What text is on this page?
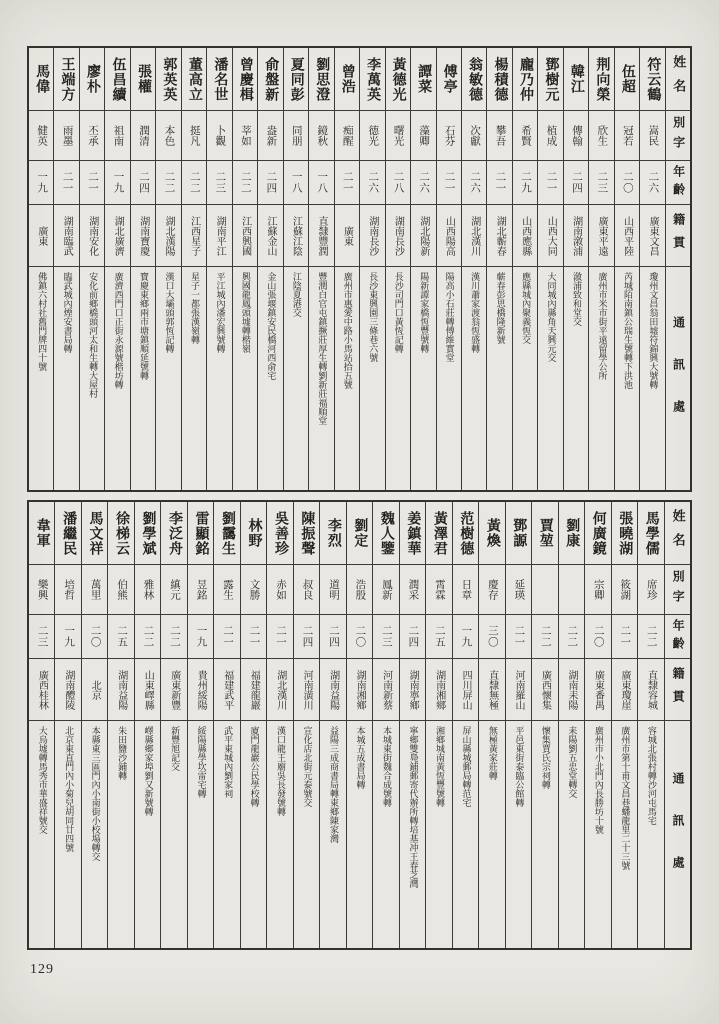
馬偉
健英
一九
廣東
佛鎮六村社舊門牌四十號
王端方
雨墨
二一
湖南臨武
臨武城內煙安書局轉
廖朴
丕承
二一
湖南安化
安化前鄉橋頭河太和生轉大屋村
伍昌續
祖南
一九
湖北廣濟
廣濟西門口正街永源號楷坊轉
張權
潤清
二四
湖南寶慶
寶慶東鄉兩市塘鎮順延號轉
郭英英
本色
二二
湖北漢陽
漢口大壩頭郭恆記轉
董高立
挺凡
二二
江西星子
星子一都張漢嶺轉
潘名世
卜觀
二三
湖南平江
平江城內潘宏興號轉
曾慶楫
莘如
二二
江西興國
興國龍鳳頭墟轉楷嶺
俞盤新
盎新
二四
江蘇金山
金山張堰鎮安民橋河西俞宅
夏同彭
同朋
一八
江蘇江陰
江陰夏港交
劉思澄
鏡秋
一八
直隸豐潤
豐潤白官屯鎮撅莊厚生轉劉新莊福順堂
曾浩
痴醒
二一
廣東
廣州市惠愛中路小馬站拾五號
李萬英
德光
二六
湖南長沙
長沙東興園三條巷六號
黃德光
曙光
二八
湖南長沙
長沙司門口黃恆記轉
譚菜
藻卿
二六
湖北陽新
陽新譚家橋恆豐號轉
傅亭
石芬
二一
山西陽高
陽高小石莊轉傅維實堂
翁敏德
次獻
二六
湖北漢川
漢川蕭家渡翁恆盛轉
楊積德
攀吾
二一
湖北蘄春
蘄春彭思橋隆新號
龐乃仲
希賢
二九
山西應縣
應縣城內聚義恆交
鄧樹元
植成
二一
山西大同
大同城內縣角天興元交
韓江
傳翰
二四
湖南漵浦
漵浦致和堂交
荆向榮
欣生
二三
廣東平遠
廣州市米市街平遠留學公所
伍超
冠若
二〇
山西平陸
芮城陌南鎮公瑞生號轉下洪池
符云鶴
嵩民
二六
廣東文昌
瓊州文昌翁田墟符錦興大號轉
姓名
別字
年齡
籍貫
通訊處
韋軍
樂興
二三
廣西桂林
大烏墟轉馬秀市華盛祥號交
潘繼民
培哲
一九
湖南醴陵
北京東直門內小菊兒胡同廿四號
馬文祥
萬里
二〇
北京
本縣東三區門內小南街小校場轉交
徐梯云
伯熊
二五
湖南益陽
朱田鹽沙鋪轉
劉學斌
雅林
二二
山東嶧縣
嶧縣鄉家埠劉又新號轉
李泛舟
縝元
二二
廣東新豐
新豐旭記交
雷顯銘
昱銘
一九
貴州綏陽
綏陽縣學坎雷宅轉
劉靄生
露生
二一
福建武平
武平東城內劉家祠
林野
文勝
二一
福建龍巖
廈門龍巖公民學校轉
吳善珍
赤如
二一
湖北漢川
漢口龍王廟吳長發號轉
陳振聲
叔良
二四
河南潢川
宣化店北街元泰號交
李烈
道明
二四
湖南益陽
益陽三成商書局轉東鄉陳家灣
劉定
浩殷
二〇
湖南湘鄉
本城五成書局轉
魏人鑒
鳳新
二三
河南新蔡
本城東街魏合成號轉
姜鎮華
潤采
二四
湖南寧鄉
寧鄉雙鳧鋪郵寄代辦所轉培基冲王春芝灣
黃澤君
霄霖
二五
湖南湘鄉
湘鄉城南黃恆豐號轉
范樹德
日章
一九
四川屏山
屏山縣城郵局轉范宅
黃煥
慶存
三〇
直隸無極
無極黃家莊轉
鄧謜
延瑛
二一
河南羅山
平邑東街泰臨公館轉
賈堃
二二
廣西懷集
懷集賈氏宗祠轉
劉康
二二
湖南耒陽
耒陽劉五忠堂轉交
何廣鏡
宗卿
二〇
廣東番禺
廣州市小北門內長勝坊十號
張曉湖
筱湖
二一
廣東瓊崖
廣州市第十甫文昌巷蟠龍里二十三號
馬學儒
席珍
二二
直隸容城
容城北張村轉沙河屯馬宅
姓名
別字
年齡
籍貫
通訊處
129
